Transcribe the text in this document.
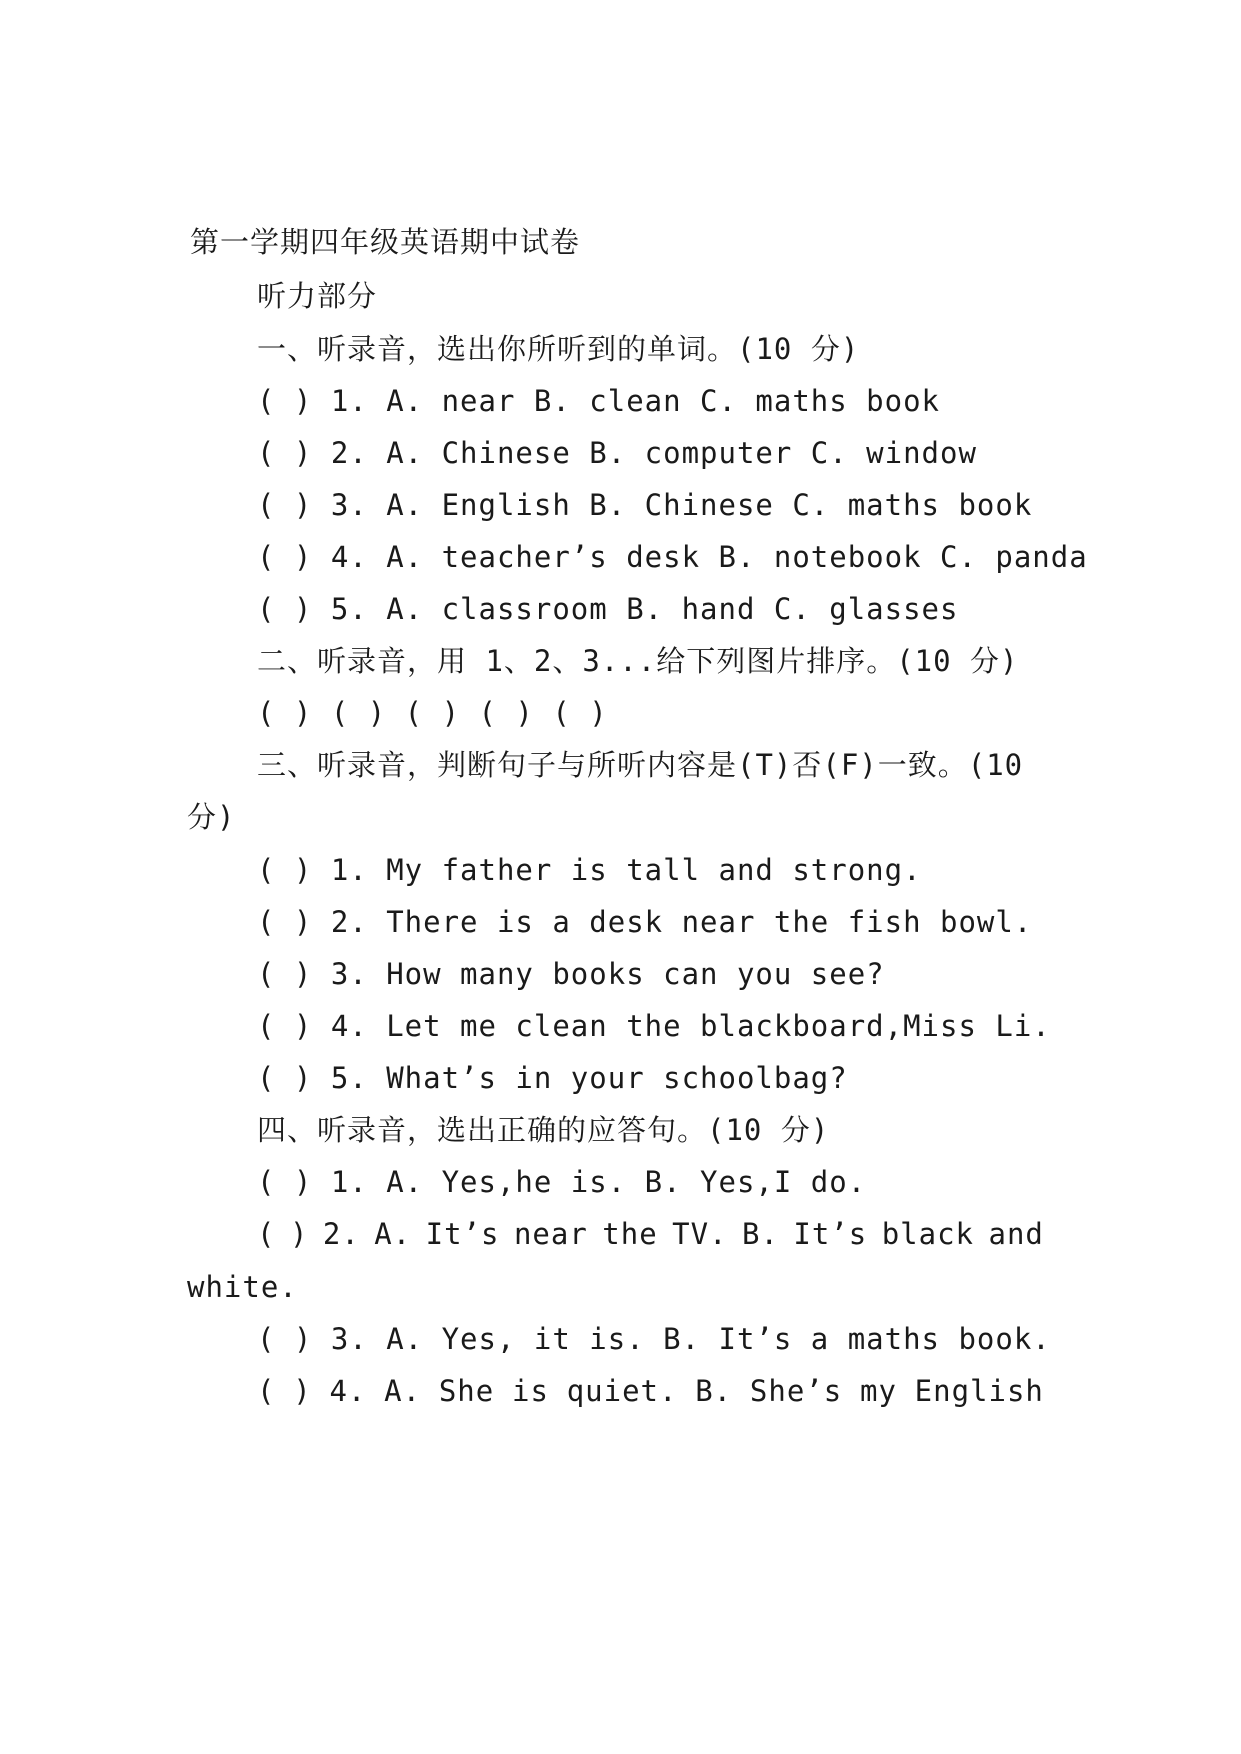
第一学期四年级英语期中试卷
听力部分
一、听录音，选出你所听到的单词。(10 分)
( ) 1. A. near B. clean C. maths book
( ) 2. A. Chinese B. computer C. window
( ) 3. A. English B. Chinese C. maths book
( ) 4. A. teacher’s desk B. notebook C. panda
( ) 5. A. classroom B. hand C. glasses
二、听录音，用 1、2、3...给下列图片排序。(10 分)
( ) ( ) ( ) ( ) ( )
三、听录音，判断句子与所听内容是(T)否(F)一致。(10
分)
( ) 1. My father is tall and strong.
( ) 2. There is a desk near the fish bowl.
( ) 3. How many books can you see?
( ) 4. Let me clean the blackboard,Miss Li.
( ) 5. What’s in your schoolbag?
四、听录音，选出正确的应答句。(10 分)
( ) 1. A. Yes,he is. B. Yes,I do.
( ) 2. A. It’s near the TV. B. It’s black and
white.
( ) 3. A. Yes, it is. B. It’s a maths book.
( ) 4. A. She is quiet. B. She’s my English
